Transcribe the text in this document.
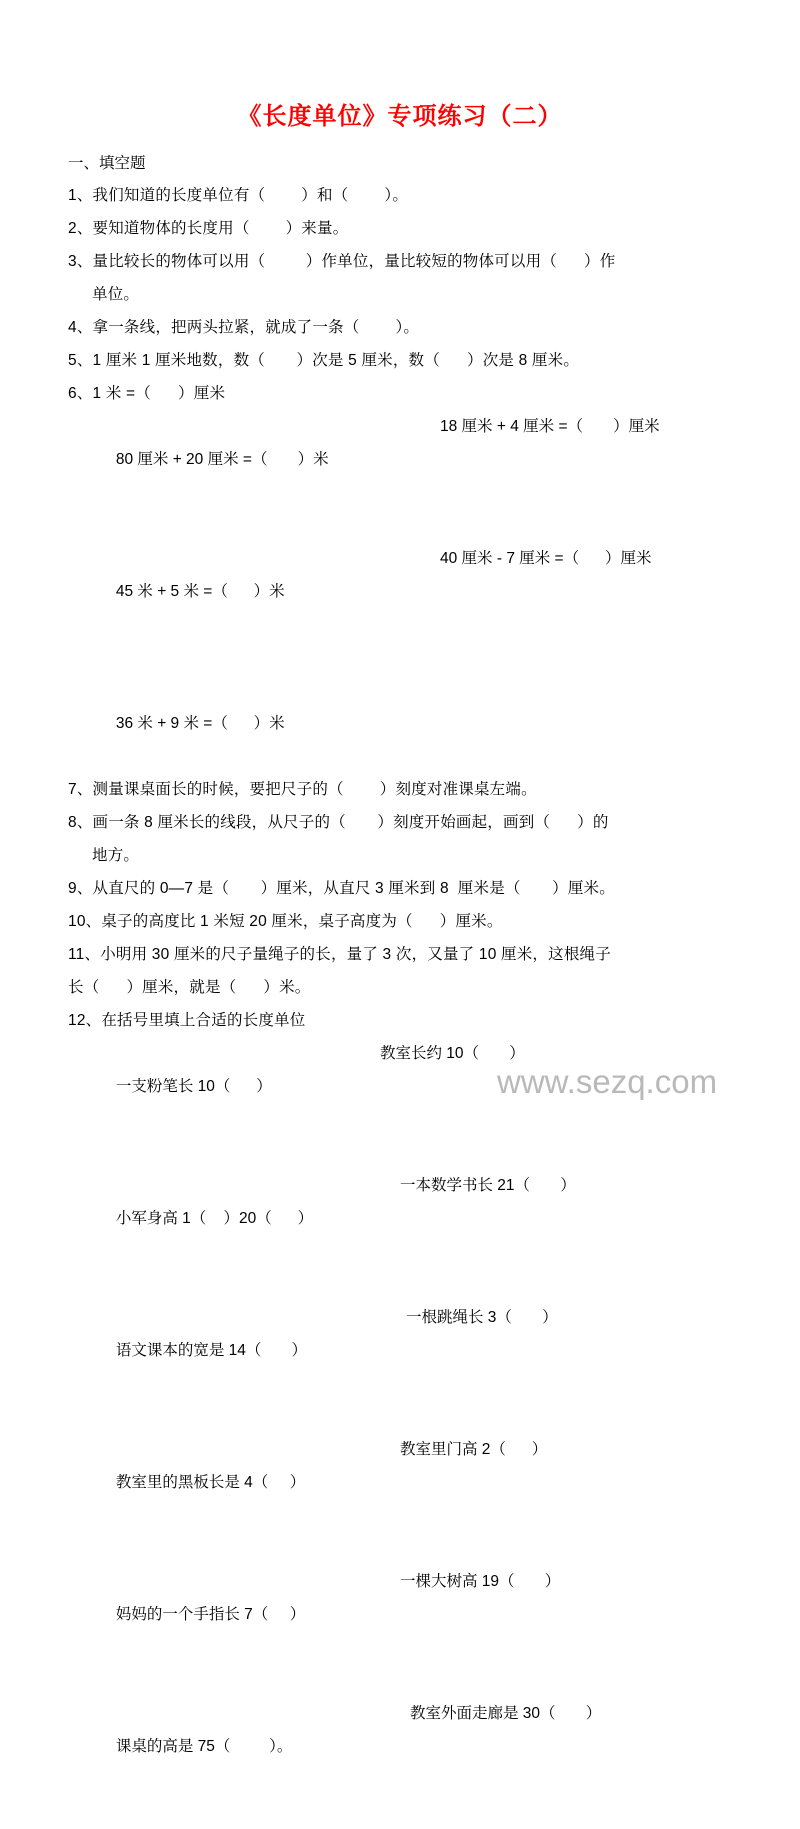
《长度单位》专项练习（二）
一、填空题
1、我们知道的长度单位有（        ）和（        ）。
2、要知道物体的长度用（        ）来量。
3、量比较长的物体可以用（         ）作单位，量比较短的物体可以用（      ）作
单位。
4、拿一条线，把两头拉紧，就成了一条（        ）。
5、1 厘米 1 厘米地数，数（       ）次是 5 厘米，数（      ）次是 8 厘米。
6、1 米 =（      ）厘米

80 厘米 + 20 厘米 =（       ）米

18 厘米 + 4 厘米 =（       ）厘米

45 米 + 5 米 =（      ）米

40 厘米 - 7 厘米 =（      ）厘米

36 米 + 9 米 =（      ）米

7、测量课桌面长的时候，要把尺子的（        ）刻度对准课桌左端。
8、画一条 8 厘米长的线段，从尺子的（       ）刻度开始画起，画到（      ）的
地方。
9、从直尺的 0—7 是（       ）厘米，从直尺 3 厘米到 8  厘米是（       ）厘米。
10、桌子的高度比 1 米短 20 厘米，桌子高度为（      ）厘米。
11、小明用 30 厘米的尺子量绳子的长，量了 3 次，又量了 10 厘米，这根绳子
长（      ）厘米，就是（      ）米。
12、在括号里填上合适的长度单位

一支粉笔长 10（      ）

教室长约 10（       ）

小军身高 1（    ）20（      ）

一本数学书长 21（       ）

语文课本的宽是 14（       ）

一根跳绳长 3（       ）

教室里的黑板长是 4（     ）

教室里门高 2（      ）

妈妈的一个手指长 7（     ）

一棵大树高 19（       ）

课桌的高是 75（         ）。

教室外面走廊是 30（       ）

www.sezq.com
